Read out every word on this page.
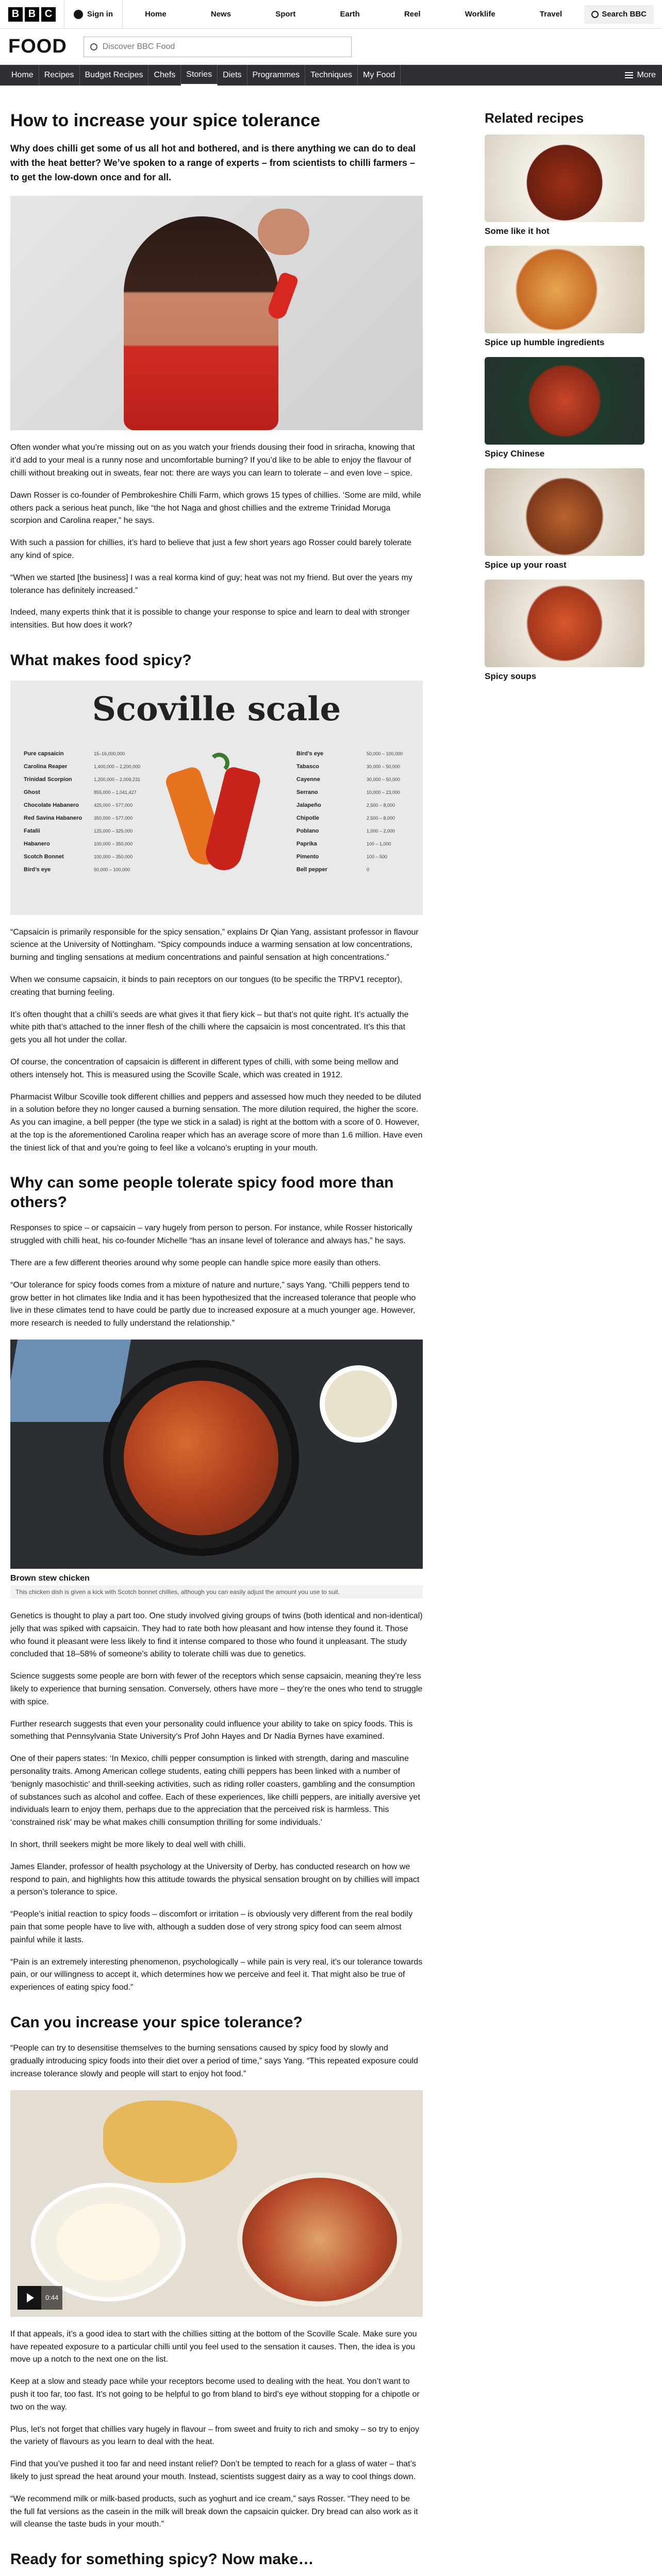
B B C	Sign in	Home	News	Sport	Earth	Reel	Worklife	Travel	Search BBC
FOOD	Discover BBC Food
Home	Recipes	Budget Recipes	Chefs	Stories	Diets	Programmes	Techniques	My Food	More
How to increase your spice tolerance
Why does chilli get some of us all hot and bothered, and is there anything we can do to deal with the heat better? We’ve spoken to a range of experts – from scientists to chilli farmers – to get the low-down once and for all.

Often wonder what you’re missing out on as you watch your friends dousing their food in sriracha, knowing that it’d add to your meal is a runny nose and uncomfortable burning? If you’d like to be able to enjoy the flavour of chilli without breaking out in sweats, fear not: there are ways you can learn to tolerate – and even love – spice.

Dawn Rosser is co-founder of Pembrokeshire Chilli Farm, which grows 15 types of chillies. ‘Some are mild, while others pack a serious heat punch, like “the hot Naga and ghost chillies and the extreme Trinidad Moruga scorpion and Carolina reaper,” he says.

With such a passion for chillies, it’s hard to believe that just a few short years ago Rosser could barely tolerate any kind of spice.

“When we started [the business] I was a real korma kind of guy; heat was not my friend. But over the years my tolerance has definitely increased.”

Indeed, many experts think that it is possible to change your response to spice and learn to deal with stronger intensities. But how does it work?

What makes food spicy?
Scoville scale
Pure capsaicin	15–16,000,000
Carolina Reaper	1,400,000 – 2,200,000
Trinidad Scorpion	1,200,000 – 2,009,231
Ghost	855,000 – 1,041,427
Chocolate Habanero	425,000 – 577,000
Red Savina Habanero	350,000 – 577,000
Fatalii	125,000 – 325,000
Habanero	100,000 – 350,000
Scotch Bonnet	100,000 – 350,000
Bird’s eye	50,000 – 100,000
Bird’s eye	50,000 – 100,000
Tabasco	30,000 – 50,000
Cayenne	30,000 – 50,000
Serrano	10,000 – 23,000
Jalapeño	2,500 – 8,000
Chipotle	2,500 – 8,000
Poblano	1,000 – 2,000
Paprika	100 – 1,000
Pimento	100 – 500
Bell pepper	0

“Capsaicin is primarily responsible for the spicy sensation,” explains Dr Qian Yang, assistant professor in flavour science at the University of Nottingham. “Spicy compounds induce a warming sensation at low concentrations, burning and tingling sensations at medium concentrations and painful sensation at high concentrations.”

When we consume capsaicin, it binds to pain receptors on our tongues (to be specific the TRPV1 receptor), creating that burning feeling.

It’s often thought that a chilli’s seeds are what gives it that fiery kick – but that’s not quite right. It’s actually the white pith that’s attached to the inner flesh of the chilli where the capsaicin is most concentrated. It’s this that gets you all hot under the collar.

Of course, the concentration of capsaicin is different in different types of chilli, with some being mellow and others intensely hot. This is measured using the Scoville Scale, which was created in 1912.

Pharmacist Wilbur Scoville took different chillies and peppers and assessed how much they needed to be diluted in a solution before they no longer caused a burning sensation. The more dilution required, the higher the score. As you can imagine, a bell pepper (the type we stick in a salad) is right at the bottom with a score of 0. However, at the top is the aforementioned Carolina reaper which has an average score of more than 1.6 million. Have even the tiniest lick of that and you’re going to feel like a volcano’s erupting in your mouth.

Why can some people tolerate spicy food more than others?

Responses to spice – or capsaicin – vary hugely from person to person. For instance, while Rosser historically struggled with chilli heat, his co-founder Michelle “has an insane level of tolerance and always has,” he says.

There are a few different theories around why some people can handle spice more easily than others.

“Our tolerance for spicy foods comes from a mixture of nature and nurture,” says Yang. “Chilli peppers tend to grow better in hot climates like India and it has been hypothesized that the increased tolerance that people who live in these climates tend to have could be partly due to increased exposure at a much younger age. However, more research is needed to fully understand the relationship.”

Brown stew chicken
This chicken dish is given a kick with Scotch bonnet chillies, although you can easily adjust the amount you use to suit.

Genetics is thought to play a part too. One study involved giving groups of twins (both identical and non-identical) jelly that was spiked with capsaicin. They had to rate both how pleasant and how intense they found it. Those who found it pleasant were less likely to find it intense compared to those who found it unpleasant. The study concluded that 18–58% of someone’s ability to tolerate chilli was due to genetics.

Science suggests some people are born with fewer of the receptors which sense capsaicin, meaning they’re less likely to experience that burning sensation. Conversely, others have more – they’re the ones who tend to struggle with spice.

Further research suggests that even your personality could influence your ability to take on spicy foods. This is something that Pennsylvania State University’s Prof John Hayes and Dr Nadia Byrnes have examined.

One of their papers states: ‘In Mexico, chilli pepper consumption is linked with strength, daring and masculine personality traits. Among American college students, eating chilli peppers has been linked with a number of ‘benignly masochistic’ and thrill-seeking activities, such as riding roller coasters, gambling and the consumption of substances such as alcohol and coffee. Each of these experiences, like chilli peppers, are initially aversive yet individuals learn to enjoy them, perhaps due to the appreciation that the perceived risk is harmless. This ‘constrained risk’ may be what makes chilli consumption thrilling for some individuals.’

In short, thrill seekers might be more likely to deal well with chilli.

James Elander, professor of health psychology at the University of Derby, has conducted research on how we respond to pain, and highlights how this attitude towards the physical sensation brought on by chillies will impact a person’s tolerance to spice.

“People’s initial reaction to spicy foods – discomfort or irritation – is obviously very different from the real bodily pain that some people have to live with, although a sudden dose of very strong spicy food can seem almost painful while it lasts.

“Pain is an extremely interesting phenomenon, psychologically – while pain is very real, it’s our tolerance towards pain, or our willingness to accept it, which determines how we perceive and feel it. That might also be true of experiences of eating spicy food.”

Can you increase your spice tolerance?

“People can try to desensitise themselves to the burning sensations caused by spicy food by slowly and gradually introducing spicy foods into their diet over a period of time,” says Yang. “This repeated exposure could increase tolerance slowly and people will start to enjoy hot food.”

0:44

If that appeals, it’s a good idea to start with the chillies sitting at the bottom of the Scoville Scale. Make sure you have repeated exposure to a particular chilli until you feel used to the sensation it causes. Then, the idea is you move up a notch to the next one on the list.

Keep at a slow and steady pace while your receptors become used to dealing with the heat. You don’t want to push it too far, too fast. It’s not going to be helpful to go from bland to bird’s eye without stopping for a chipotle or two on the way.

Plus, let’s not forget that chillies vary hugely in flavour – from sweet and fruity to rich and smoky – so try to enjoy the variety of flavours as you learn to deal with the heat.

Find that you’ve pushed it too far and need instant relief? Don’t be tempted to reach for a glass of water – that’s likely to just spread the heat around your mouth. Instead, scientists suggest dairy as a way to cool things down.

“We recommend milk or milk-based products, such as yoghurt and ice cream,” says Rosser. “They need to be the full fat versions as the casein in the milk will break down the capsaicin quicker. Dry bread can also work as it will cleanse the taste buds in your mouth.”

Ready for something spicy? Now make…
Related recipes
Some like it hot
Spice up humble ingredients
Spicy Chinese
Spice up your roast
Spicy soups
